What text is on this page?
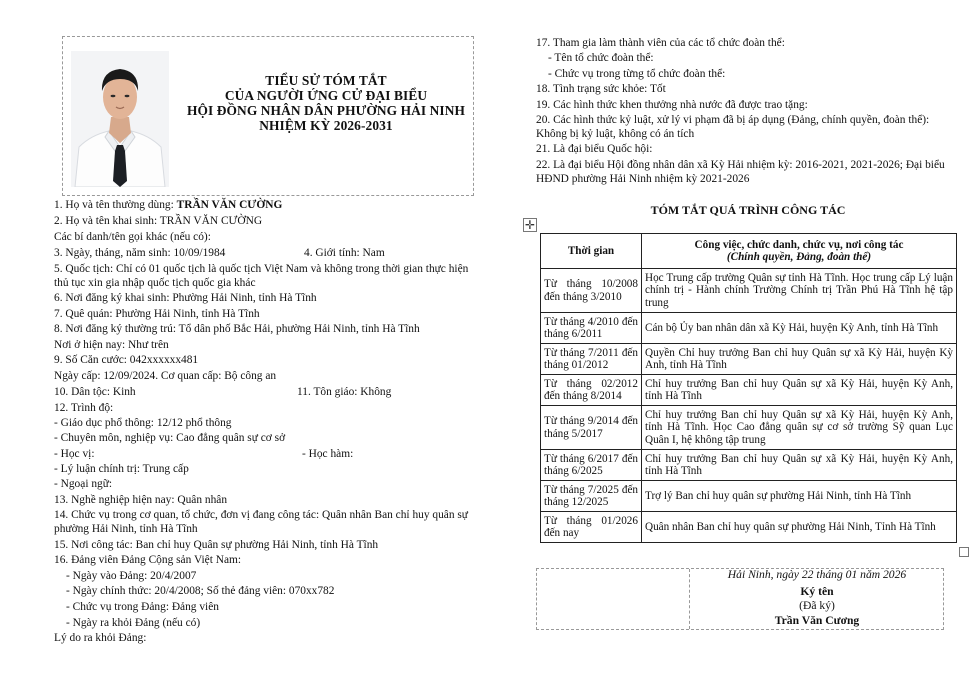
TIỂU SỬ TÓM TẮT
CỦA NGƯỜI ỨNG CỬ ĐẠI BIỂU
HỘI ĐỒNG NHÂN DÂN PHƯỜNG HẢI NINH
NHIỆM KỲ 2026-2031
1. Họ và tên thường dùng: TRẦN VĂN CƯỜNG
2. Họ và tên khai sinh: TRẦN VĂN CƯỜNG
Các bí danh/tên gọi khác (nếu có):
3. Ngày, tháng, năm sinh: 10/09/1984	4. Giới tính: Nam
5. Quốc tịch: Chỉ có 01 quốc tịch là quốc tịch Việt Nam và không trong thời gian thực hiện thủ tục xin gia nhập quốc tịch quốc gia khác
6. Nơi đăng ký khai sinh: Phường Hải Ninh, tỉnh Hà Tĩnh
7. Quê quán: Phường Hải Ninh, tỉnh Hà Tĩnh
8. Nơi đăng ký thường trú: Tổ dân phố Bắc Hải, phường Hải Ninh, tỉnh Hà Tĩnh
Nơi ở hiện nay: Như trên
9. Số Căn cước: 042xxxxxx481
Ngày cấp: 12/09/2024. Cơ quan cấp: Bộ công an
10. Dân tộc: Kinh	11. Tôn giáo: Không
12. Trình độ:
- Giáo dục phổ thông: 12/12 phổ thông
- Chuyên môn, nghiệp vụ: Cao đẳng quân sự cơ sở
- Học vị:	- Học hàm:
- Lý luận chính trị: Trung cấp
- Ngoại ngữ:
13. Nghề nghiệp hiện nay: Quân nhân
14. Chức vụ trong cơ quan, tổ chức, đơn vị đang công tác: Quân nhân Ban chỉ huy quân sự phường Hải Ninh, tỉnh Hà Tĩnh
15. Nơi công tác: Ban chỉ huy Quân sự phường Hải Ninh, tỉnh Hà Tĩnh
16. Đảng viên Đảng Cộng sản Việt Nam:
- Ngày vào Đảng: 20/4/2007
- Ngày chính thức: 20/4/2008; Số thẻ đảng viên: 070xx782
- Chức vụ trong Đảng: Đảng viên
- Ngày ra khỏi Đảng (nếu có)
Lý do ra khỏi Đảng:
17. Tham gia làm thành viên của các tổ chức đoàn thể:
- Tên tổ chức đoàn thể:
- Chức vụ trong từng tổ chức đoàn thể:
18. Tình trạng sức khỏe: Tốt
19. Các hình thức khen thưởng nhà nước đã được trao tặng:
20. Các hình thức kỷ luật, xử lý vi phạm đã bị áp dụng (Đảng, chính quyền, đoàn thể): Không bị kỷ luật, không có án tích
21. Là đại biểu Quốc hội:
22. Là đại biểu Hội đồng nhân dân xã Kỳ Hải nhiệm kỳ: 2016-2021, 2021-2026; Đại biểu HĐND phường Hải Ninh nhiệm kỳ 2021-2026
TÓM TẮT QUÁ TRÌNH CÔNG TÁC
✛
Thời gian	Công việc, chức danh, chức vụ, nơi công tác
(Chính quyền, Đảng, đoàn thể)

Từ tháng 10/2008 đến tháng 3/2010	Học Trung cấp trường Quân sự tỉnh Hà Tĩnh. Học trung cấp Lý luận chính trị - Hành chính Trường Chính trị Trần Phú Hà Tĩnh hệ tập trung
Từ tháng 4/2010 đến tháng 6/2011	Cán bộ Ủy ban nhân dân xã Kỳ Hải, huyện Kỳ Anh, tỉnh Hà Tĩnh
Từ tháng 7/2011 đến tháng 01/2012	Quyền Chỉ huy trưởng Ban chỉ huy Quân sự xã Kỳ Hải, huyện Kỳ Anh, tỉnh Hà Tĩnh
Từ tháng 02/2012 đến tháng 8/2014	Chỉ huy trưởng Ban chỉ huy Quân sự xã Kỳ Hải, huyện Kỳ Anh, tỉnh Hà Tĩnh
Từ tháng 9/2014 đến tháng 5/2017	Chỉ huy trưởng Ban chỉ huy Quân sự xã Kỳ Hải, huyện Kỳ Anh, tỉnh Hà Tĩnh. Học Cao đẳng quân sự cơ sở trường Sỹ quan Lục Quân I, hệ không tập trung
Từ tháng 6/2017 đến tháng 6/2025	Chỉ huy trưởng Ban chỉ huy Quân sự xã Kỳ Hải, huyện Kỳ Anh, tỉnh Hà Tĩnh
Từ tháng 7/2025 đến tháng 12/2025	Trợ lý Ban chỉ huy quân sự phường Hải Ninh, tỉnh Hà Tĩnh
Từ tháng 01/2026 đến nay	Quân nhân Ban chỉ huy quân sự phường Hải Ninh, Tỉnh Hà Tĩnh
Hải Ninh, ngày 22 tháng 01 năm 2026
Ký tên
(Đã ký)
Trần Văn Cương
